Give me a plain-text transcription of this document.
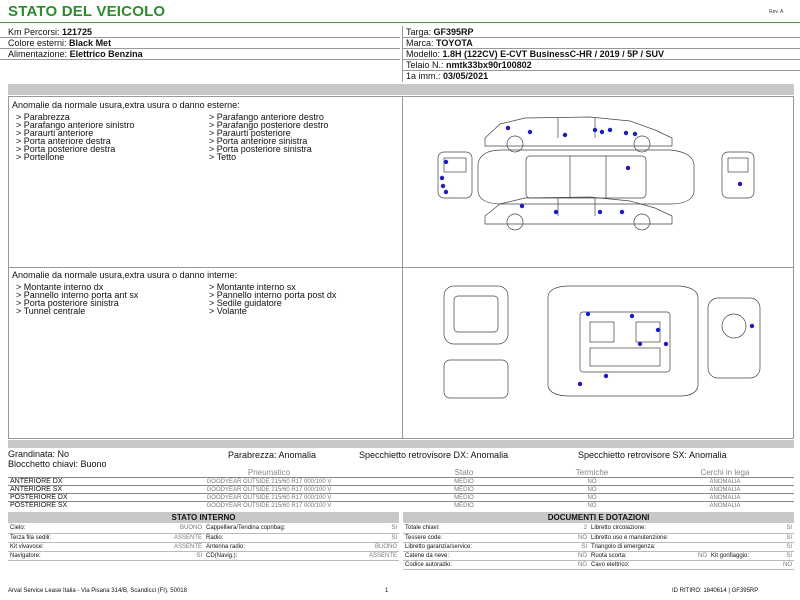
STATO DEL VEICOLO	Rev. A
Km Percorsi: 121725
Colore esterni: Black Met
Alimentazione: Elettrico Benzina
Targa: GF395RP
Marca: TOYOTA
Modello: 1.8H (122CV) E-CVT BusinessC-HR / 2019 / 5P / SUV
Telaio N.: nmtk33bx90r100802
1a imm.: 03/05/2021
Anomalie da normale usura,extra usura o danno esterne:
> Parabrezza
> Parafango anteriore sinistro
> Paraurti anteriore
> Porta anteriore destra
> Porta posteriore destra
> Portellone
> Parafango anteriore destro
> Parafango posteriore destro
> Paraurti posteriore
> Porta anteriore sinistra
> Porta posteriore sinistra
> Tetto
Anomalie da normale usura,extra usura o danno interne:
> Montante interno dx
> Pannello interno porta ant sx
> Porta posteriore sinistra
> Tunnel centrale
> Montante interno sx
> Pannello interno porta post dx
> Sedile guidatore
> Volante
Grandinata: No	Parabrezza: Anomalia	Specchietto retrovisore DX: Anomalia	Specchietto retrovisore SX: Anomalia
Blocchetto chiavi: Buono
	Pneumatico	Stato	Termiche	Cerchi in lega
ANTERIORE DX	GOODYEAR OUTSIDE 215/60 R17 000/100 V	MEDIO	NO	ANOMALIA
ANTERIORE SX	GOODYEAR OUTSIDE 215/60 R17 000/100 V	MEDIO	NO	ANOMALIA
POSTERIORE DX	GOODYEAR OUTSIDE 215/60 R17 000/100 V	MEDIO	NO	ANOMALIA
POSTERIORE SX	GOODYEAR OUTSIDE 215/60 R17 000/100 V	MEDIO	NO	ANOMALIA
STATO INTERNO
Cielo:	BUONO	Cappelliera/Tendina copribag:	SI
Terza fila sedili:	ASSENTE	Radio:	SI
Kit vivavoce:	ASSENTE	Antenna radio:	BUONO
Navigatore:	SI	CD(Navig.):	ASSENTE
DOCUMENTI E DOTAZIONI
Totale chiavi:	2	Libretto circolazione:			SI
Tessere code:	NO	Libretto uso e manutenzione:			SI
Libretto garanzia/service:	SI	Triangolo di emergenza:			SI
Catene da neve:	NO	Ruota scorta:	NO	Kit gonfiaggio:	SI
Codice autoradio:	NO	Cavo elettrico:			NO
Arval Service Lease Italia - Via Pisana 314/B, Scandicci (FI), 50018	1	ID RITIRO: 1840614 | GF395RP
